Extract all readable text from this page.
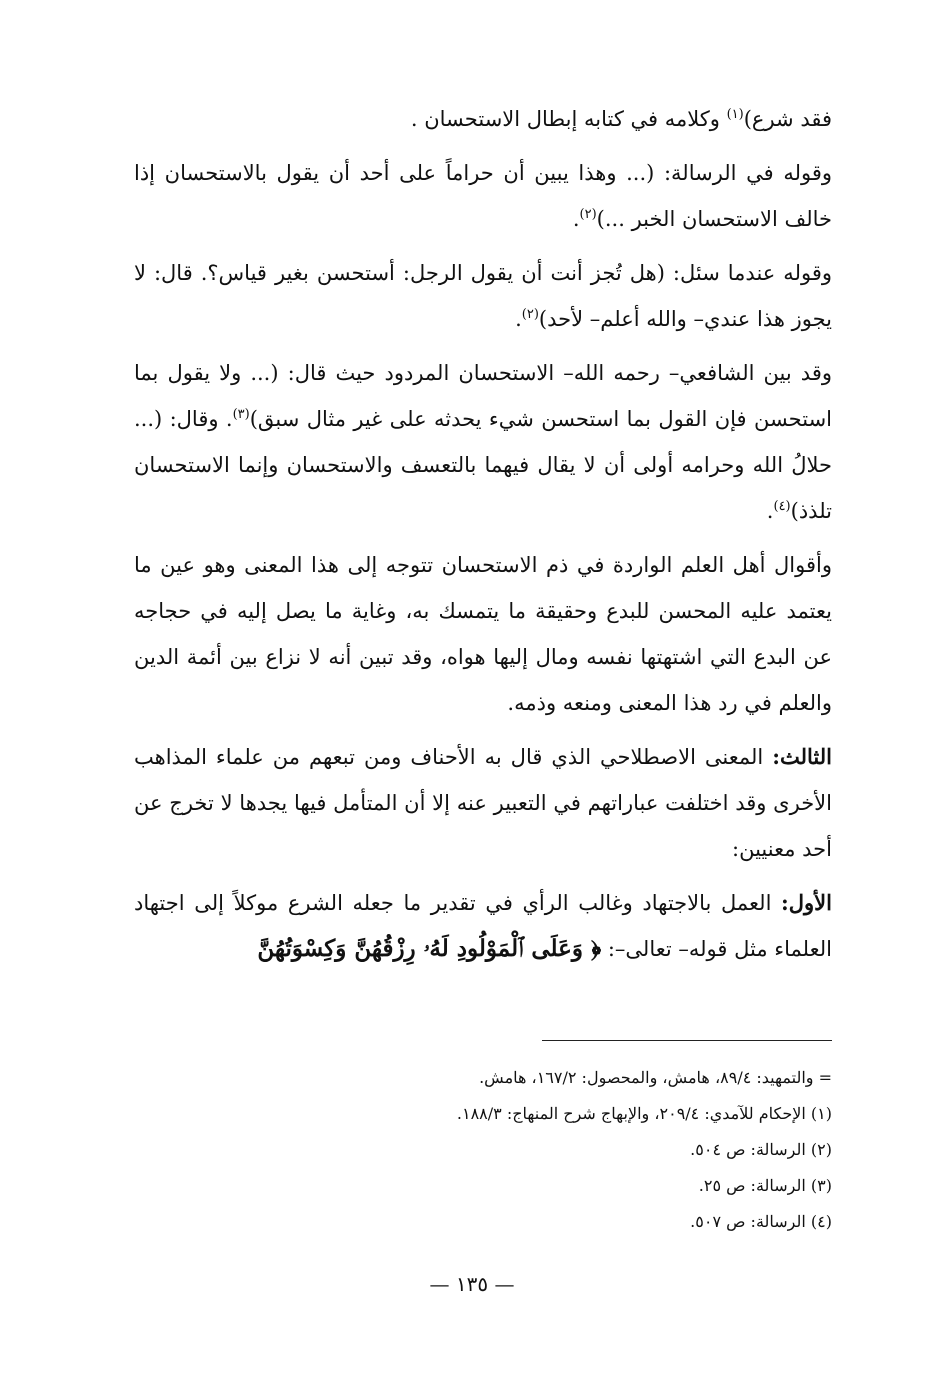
فقد شرع)$^{(١)}$ وكلامه في كتابه إبطال الاستحسان .

وقوله في الرسالة: (... وهذا يبين أن حراماً على أحد أن يقول بالاستحسان إذا خالف الاستحسان الخبر ...)$^{(٢)}$.

وقوله عندما سئل: (هل تُجز أنت أن يقول الرجل: أستحسن بغير قياس؟. قال: لا يجوز هذا عندي– والله أعلم– لأحد)$^{(٢)}$.

وقد بين الشافعي– رحمه الله– الاستحسان المردود حيث قال: (... ولا يقول بما استحسن فإن القول بما استحسن شيء يحدثه على غير مثال سبق)$^{(٣)}$. وقال: (... حلالُ الله وحرامه أولى أن لا يقال فيهما بالتعسف والاستحسان وإنما الاستحسان تلذذ)$^{(٤)}$.

وأقوال أهل العلم الواردة في ذم الاستحسان تتوجه إلى هذا المعنى وهو عين ما يعتمد عليه المحسن للبدع وحقيقة ما يتمسك به، وغاية ما يصل إليه في حجاجه عن البدع التي اشتهتها نفسه ومال إليها هواه، وقد تبين أنه لا نزاع بين أئمة الدين والعلم في رد هذا المعنى ومنعه وذمه.

الثالث: المعنى الاصطلاحي الذي قال به الأحناف ومن تبعهم من علماء المذاهب الأخرى وقد اختلفت عباراتهم في التعبير عنه إلا أن المتأمل فيها يجدها لا تخرج عن أحد معنيين:

الأول: العمل بالاجتهاد وغالب الرأي في تقدير ما جعله الشرع موكلاً إلى اجتهاد العلماء مثل قوله– تعالى–: ﴿ وَعَلَى ٱلْمَوْلُودِ لَهُۥ رِزْقُهُنَّ وَكِسْوَتُهُنَّ

= والتمهيد: ٨٩/٤، هامش، والمحصول: ١٦٧/٢، هامش.

(١) الإحكام للآمدي: ٢٠٩/٤، والإبهاج شرح المنهاج: ١٨٨/٣.

(٢) الرسالة: ص ٥٠٤.

(٣) الرسالة: ص ٢٥.

(٤) الرسالة: ص ٥٠٧.

— ١٣٥ —
